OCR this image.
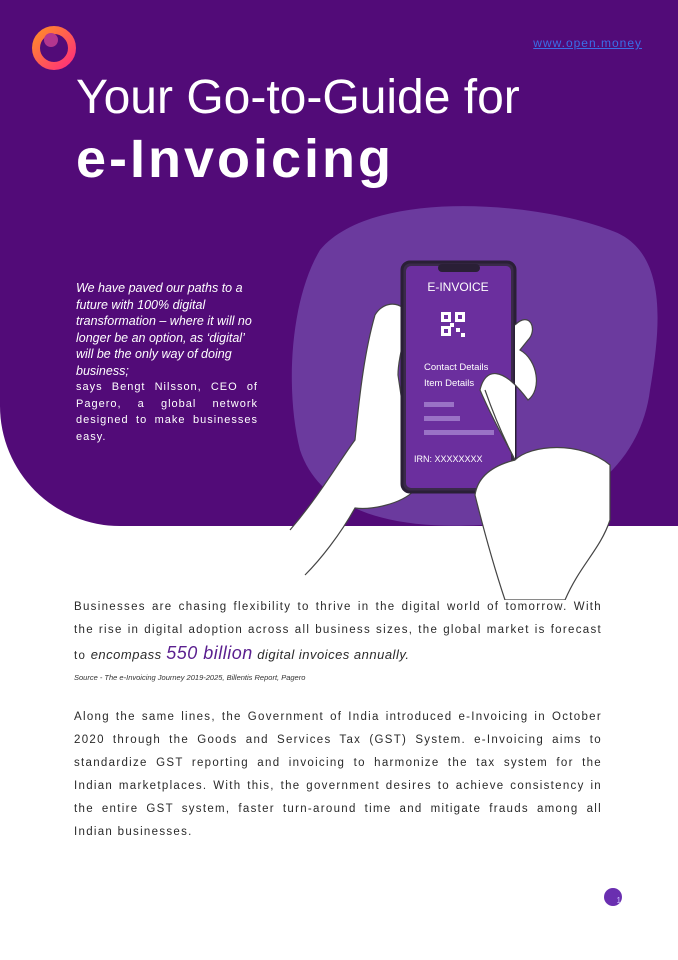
www.open.money
Your Go-to-Guide for
e-Invoicing
We have paved our paths to a future with 100% digital transformation – where it will no longer be an option, as ‘digital’ will be the only way of doing business;
says Bengt Nilsson, CEO of Pagero, a global network designed to make businesses easy.
E-INVOICE
Contact Details
Item Details
IRN: XXXXXXXX
Businesses are chasing flexibility to thrive in the digital world of tomorrow. With the rise in digital adoption across all business sizes, the global market is forecast to encompass 550 billion digital invoices annually.
Source - The e-Invoicing Journey 2019-2025, Billentis Report, Pagero
Along the same lines, the Government of India introduced e-Invoicing in October 2020 through the Goods and Services Tax (GST) System. e-Invoicing aims to standardize GST reporting and invoicing to harmonize the tax system for the Indian marketplaces. With this, the government desires to achieve consistency in the entire GST system, faster turn-around time and mitigate frauds among all Indian businesses.
1
